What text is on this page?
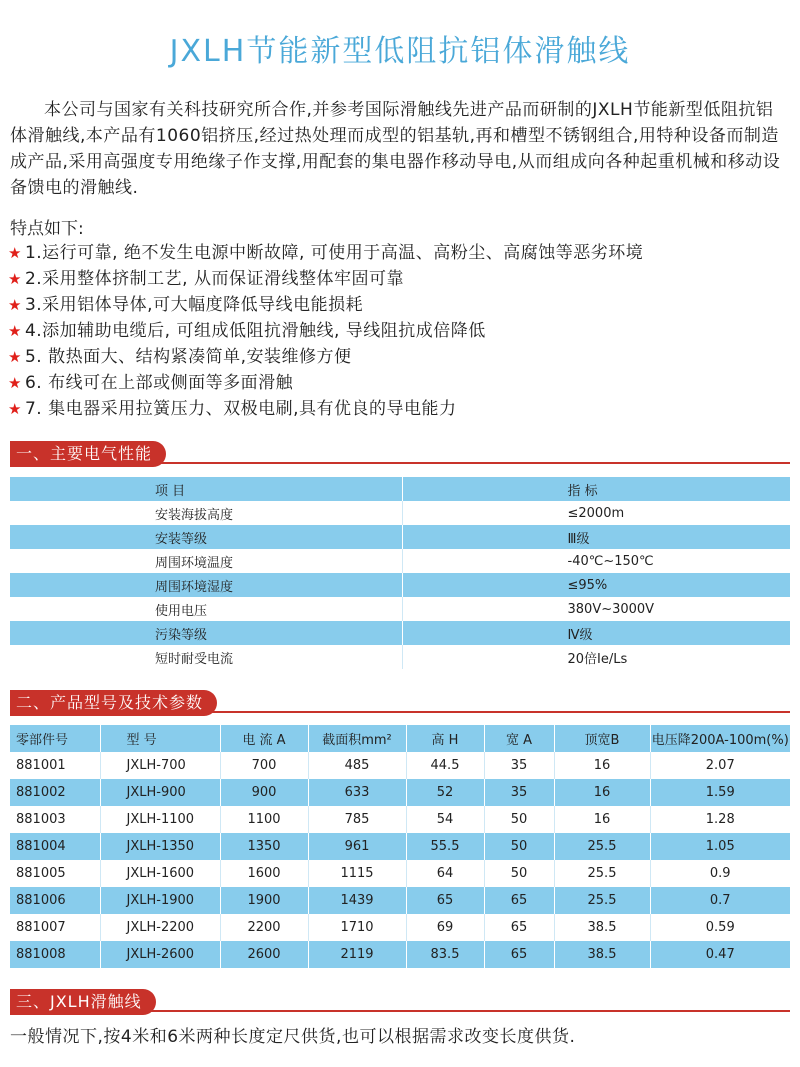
JXLH节能新型低阻抗铝体滑触线
本公司与国家有关科技研究所合作,并参考国际滑触线先进产品而研制的JXLH节能新型低阻抗铝体滑触线,本产品有1060铝挤压,经过热处理而成型的铝基轨,再和槽型不锈钢组合,用特种设备而制造成产品,采用高强度专用绝缘子作支撑,用配套的集电器作移动导电,从而组成向各种起重机械和移动设备馈电的滑触线.
特点如下:
★ 1.运行可靠, 绝不发生电源中断故障, 可使用于高温、高粉尘、高腐蚀等恶劣环境
★ 2.采用整体挤制工艺, 从而保证滑线整体牢固可靠
★ 3.采用铝体导体,可大幅度降低导线电能损耗
★ 4.添加辅助电缆后, 可组成低阻抗滑触线, 导线阻抗成倍降低
★ 5. 散热面大、结构紧凑简单,安装维修方便
★ 6. 布线可在上部或侧面等多面滑触
★ 7. 集电器采用拉簧压力、双极电刷,具有优良的导电能力
一、主要电气性能
项 目	指 标
安装海拔高度	≤2000m
安装等级	Ⅲ级
周围环境温度	-40℃~150℃
周围环境湿度	≤95%
使用电压	380V~3000V
污染等级	Ⅳ级
短时耐受电流	20倍Ie/Ls
二、产品型号及技术参数
零部件号	型 号	电 流 A	截面积mm²	高 H	宽 A	顶宽B	电压降200A-100m(%)
881001	JXLH-700	700	485	44.5	35	16	2.07
881002	JXLH-900	900	633	52	35	16	1.59
881003	JXLH-1100	1100	785	54	50	16	1.28
881004	JXLH-1350	1350	961	55.5	50	25.5	1.05
881005	JXLH-1600	1600	1115	64	50	25.5	0.9
881006	JXLH-1900	1900	1439	65	65	25.5	0.7
881007	JXLH-2200	2200	1710	69	65	38.5	0.59
881008	JXLH-2600	2600	2119	83.5	65	38.5	0.47
三、JXLH滑触线
一般情况下,按4米和6米两种长度定尺供货,也可以根据需求改变长度供货.
